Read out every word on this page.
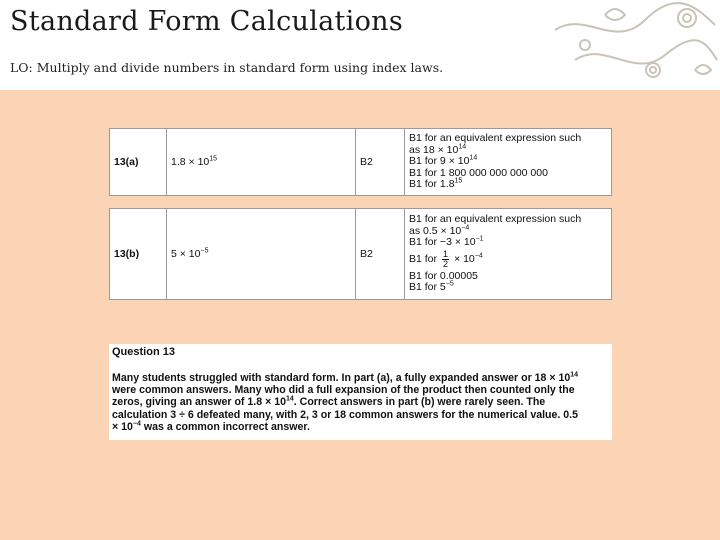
Standard Form Calculations
LO: Multiply and divide numbers in standard form using index laws.
13(a)	$1.8 \times 10^{15}$	B2	
B1 for an equivalent expression such
as $18 \times 10^{14}$
B1 for $9 \times 10^{14}$
B1 for 1 800 000 000 000 000
B1 for $1.8^{15}$
13(b)	$5 \times 10^{-5}$	B2	
B1 for an equivalent expression such
as $0.5 \times 10^{-4}$
B1 for $-3 \times 10^{-1}$
B1 for $\frac{1}{2} \times 10^{-4}$
B1 for 0.00005
B1 for $5^{-5}$
Question 13
Many students struggled with standard form. In part (a), a fully expanded answer or $18 \times 10^{14}$
were common answers. Many who did a full expansion of the product then counted only the
zeros, giving an answer of $1.8 \times 10^{14}$. Correct answers in part (b) were rarely seen. The
calculation 3 ÷ 6 defeated many, with 2, 3 or 18 common answers for the numerical value. 0.5
× $10^{-4}$ was a common incorrect answer.
